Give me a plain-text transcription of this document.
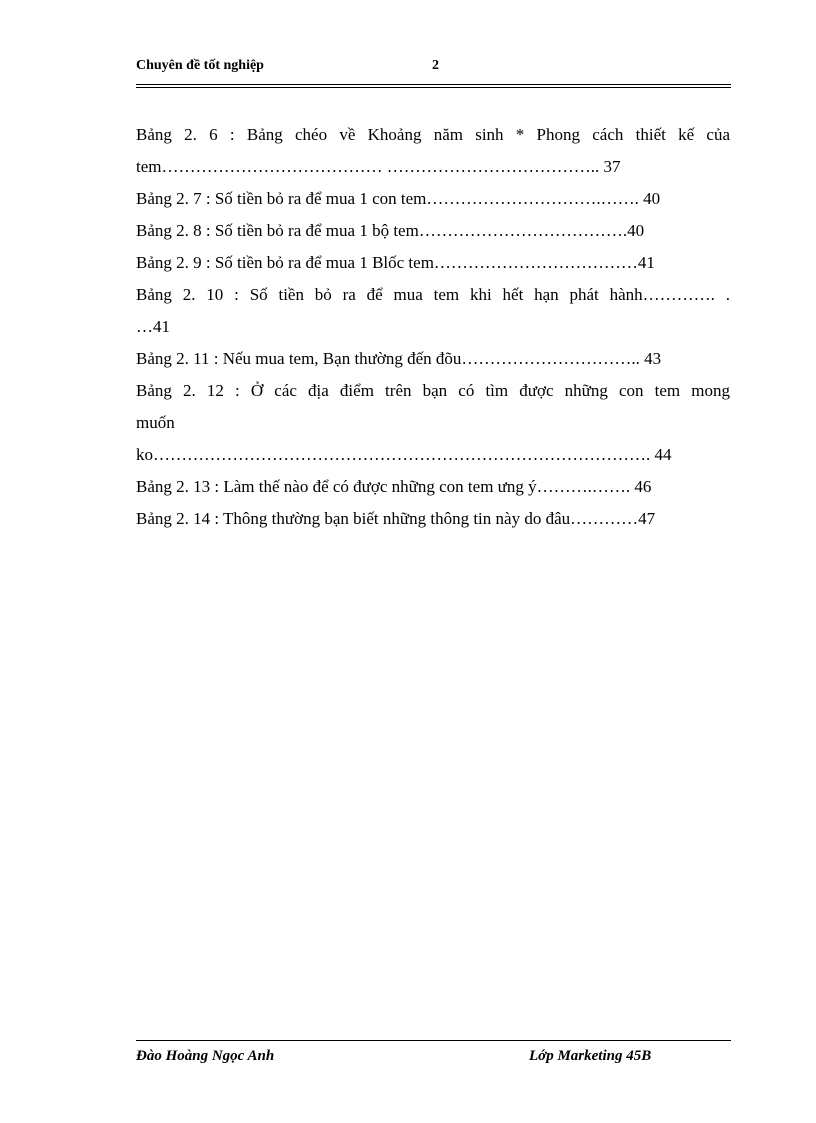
Chuyên đề tốt nghiệp	2
Bảng 2. 6 : Bảng chéo về Khoảng năm sinh * Phong cách thiết kế của
tem………………………………… ……………………………….. 37
Bảng 2. 7 : Số tiền bỏ ra để mua 1 con tem………………………….……. 40
Bảng 2. 8 : Số tiền bỏ ra để mua 1 bộ tem……………………………….40
Bảng 2. 9 : Số tiền bỏ ra để mua 1 Blốc tem………………………………41
Bảng 2. 10 : Số tiền bỏ ra để mua tem khi hết hạn phát hành…………. .
…41
Bảng 2. 11 : Nếu mua tem, Bạn thường đến đõu………………………….. 43
Bảng 2. 12 : Ở các địa điểm trên bạn có tìm được những con tem mong
muốn
ko……………………………………………………………………………. 44
Bảng 2. 13 : Làm thế nào để có được những con tem ưng ý……….……. 46
Bảng 2. 14 : Thông thường bạn biết những thông tin này do đâu…………47
Đào Hoàng Ngọc Anh	Lớp Marketing 45B
